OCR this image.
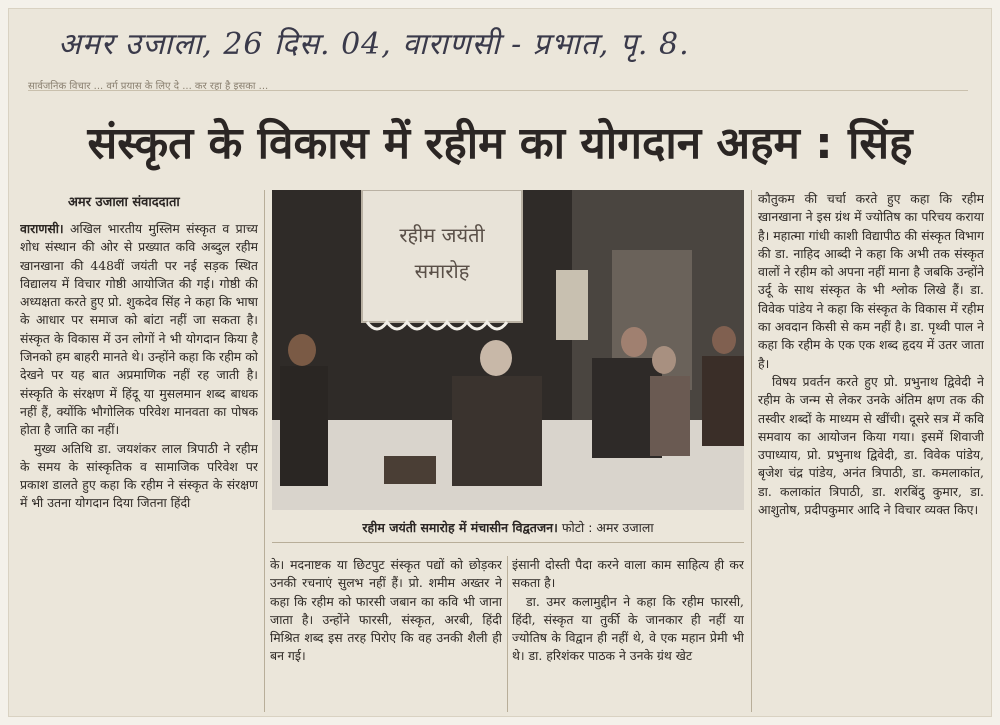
अमर उजाला, 26 दिस. 04, वाराणसी - प्रभात, पृ. 8.
सार्वजनिक विचार ... वर्ग प्रयास के लिए दे ... कर रहा है इसका ...
संस्कृत के विकास में रहीम का योगदान अहम : सिंह
अमर उजाला संवाददाता

वाराणसी। अखिल भारतीय मुस्लिम संस्कृत व प्राच्य शोध संस्थान की ओर से प्रख्यात कवि अब्दुल रहीम खानखाना की 448वीं जयंती पर नई सड़क स्थित विद्यालय में विचार गोष्ठी आयोजित की गई। गोष्ठी की अध्यक्षता करते हुए प्रो. शुकदेव सिंह ने कहा कि भाषा के आधार पर समाज को बांटा नहीं जा सकता है। संस्कृत के विकास में उन लोगों ने भी योगदान किया है जिनको हम बाहरी मानते थे। उन्होंने कहा कि रहीम को देखने पर यह बात अप्रमाणिक नहीं रह जाती है। संस्कृति के संरक्षण में हिंदू या मुसलमान शब्द बाधक नहीं हैं, क्योंकि भौगोलिक परिवेश मानवता का पोषक होता है जाति का नहीं।

मुख्य अतिथि डा. जयशंकर लाल त्रिपाठी ने रहीम के समय के सांस्कृतिक व सामाजिक परिवेश पर प्रकाश डालते हुए कहा कि रहीम ने संस्कृत के संरक्षण में भी उतना योगदान दिया जितना हिंदी

रहीम जयंती
समारोह
रहीम जयंती समारोह में मंचासीन विद्वतजन। फोटो : अमर उजाला

के। मदनाष्टक या छिटपुट संस्कृत पद्यों को छोड़कर उनकी रचनाएं सुलभ नहीं हैं। प्रो. शमीम अख्तर ने कहा कि रहीम को फारसी जबान का कवि भी जाना जाता है। उन्होंने फारसी, संस्कृत, अरबी, हिंदी मिश्रित शब्द इस तरह पिरोए कि वह उनकी शैली ही बन गई।

इंसानी दोस्ती पैदा करने वाला काम साहित्य ही कर सकता है।

डा. उमर कलामुद्दीन ने कहा कि रहीम फारसी, हिंदी, संस्कृत या तुर्की के जानकार ही नहीं या ज्योतिष के विद्वान ही नहीं थे, वे एक महान प्रेमी भी थे। डा. हरिशंकर पाठक ने उनके ग्रंथ खेट

कौतुकम की चर्चा करते हुए कहा कि रहीम खानखाना ने इस ग्रंथ में ज्योतिष का परिचय कराया है। महात्मा गांधी काशी विद्यापीठ की संस्कृत विभाग की डा. नाहिद आब्दी ने कहा कि अभी तक संस्कृत वालों ने रहीम को अपना नहीं माना है जबकि उन्होंने उर्दू के साथ संस्कृत के भी श्लोक लिखे हैं। डा. विवेक पांडेय ने कहा कि संस्कृत के विकास में रहीम का अवदान किसी से कम नहीं है। डा. पृथ्वी पाल ने कहा कि रहीम के एक एक शब्द हृदय में उतर जाता है।

विषय प्रवर्तन करते हुए प्रो. प्रभुनाथ द्विवेदी ने रहीम के जन्म से लेकर उनके अंतिम क्षण तक की तस्वीर शब्दों के माध्यम से खींची। दूसरे सत्र में कवि समवाय का आयोजन किया गया। इसमें शिवाजी उपाध्याय, प्रो. प्रभुनाथ द्विवेदी, डा. विवेक पांडेय, बृजेश चंद्र पांडेय, अनंत त्रिपाठी, डा. कमलाकांत, डा. कलाकांत त्रिपाठी, डा. शरबिंदु कुमार, डा. आशुतोष, प्रदीपकुमार आदि ने विचार व्यक्त किए।
